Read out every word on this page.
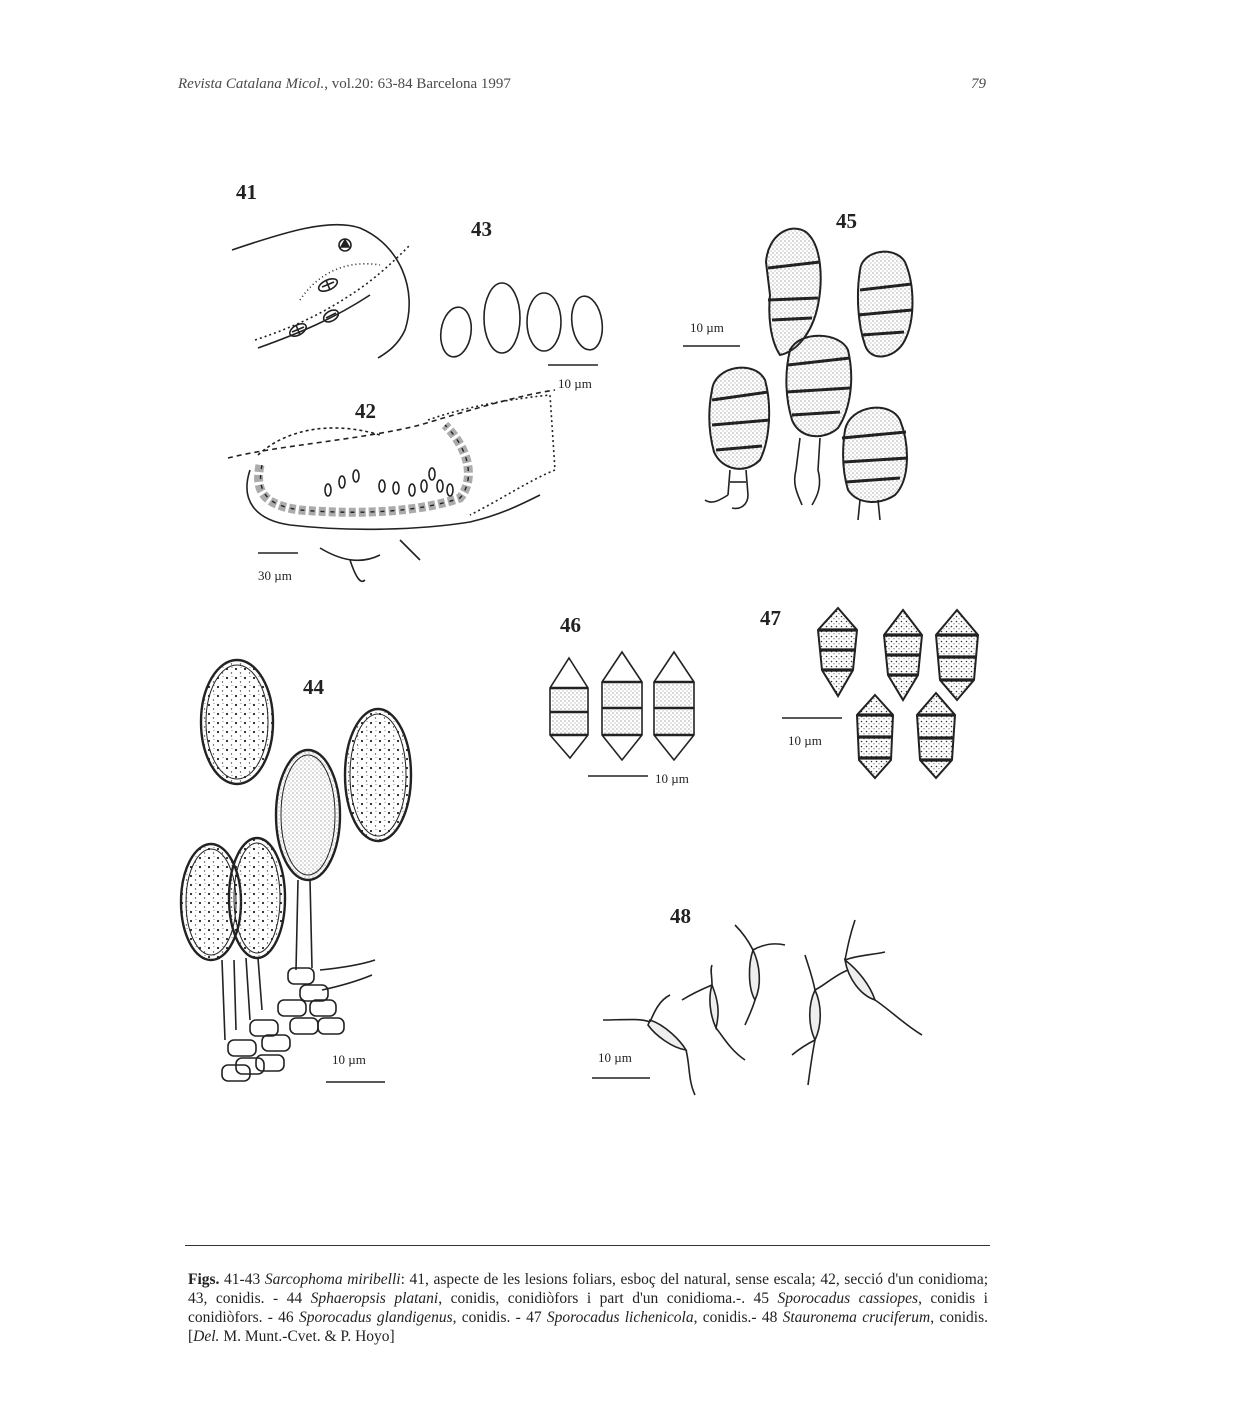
Revista Catalana Micol., vol.20: 63-84 Barcelona 1997	79
41
43
10 µm
42
30 µm
45
10 µm
46
10 µm
47
10 µm
44
10 µm
48
10 µm
Figs. 41-43 Sarcophoma miribelli: 41, aspecte de les lesions foliars, esboç del natural, sense escala; 42, secció d'un conidioma; 43, conidis. - 44 Sphaeropsis platani, conidis, conidiòfors i part d'un conidioma.-. 45 Sporocadus cassiopes, conidis i conidiòfors. - 46 Sporocadus glandigenus, conidis. - 47 Sporocadus lichenicola, conidis.- 48 Stauronema cruciferum, conidis. [Del. M. Munt.-Cvet. & P. Hoyo]
